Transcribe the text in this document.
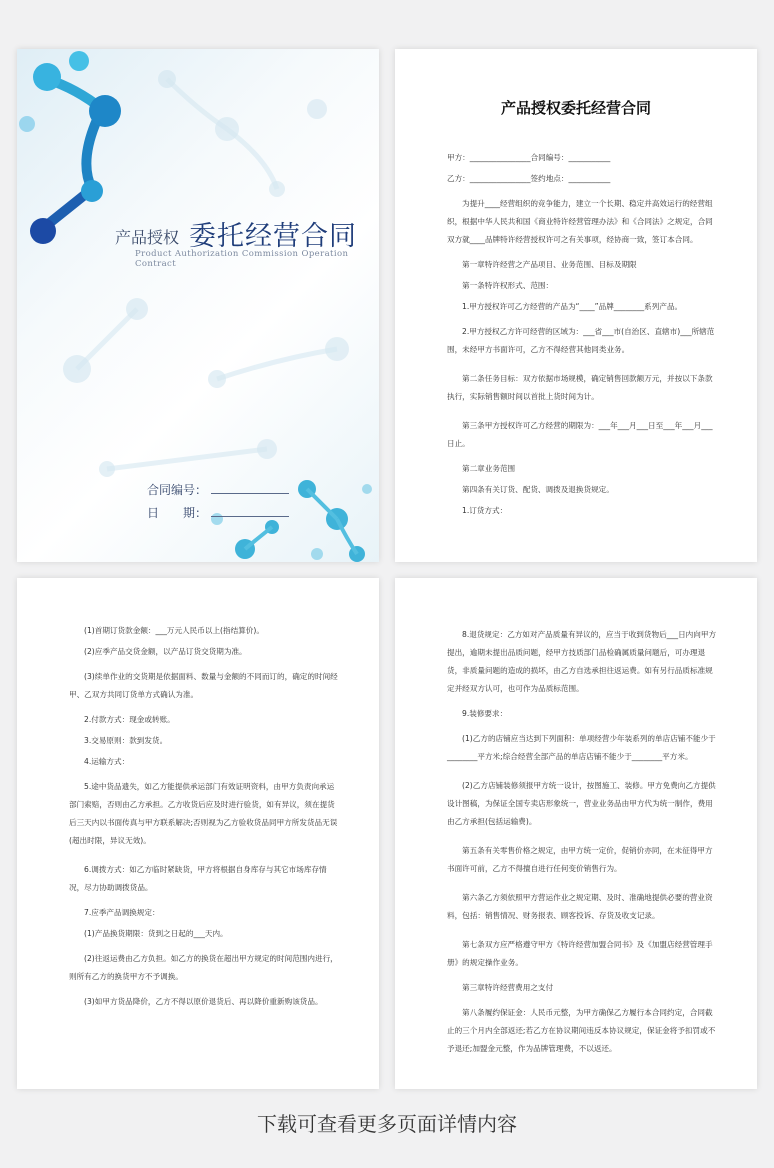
产品授权 委托经营合同
Product Authorization Commission Operation Contract
合同编号：
日　　期：
产品授权委托经营合同

甲方：________________合同编号：___________

乙方：________________签约地点：___________

为提升____经营组织的竞争能力，建立一个长期、稳定并高效运行的经营组织，根据中华人民共和国《商业特许经营管理办法》和《合同法》之规定，合同双方就____品牌特许经营授权许可之有关事项，经协商一致，签订本合同。

第一章特许经营之产品项目、业务范围、目标及期限

第一条特许权形式、范围：

1.甲方授权许可乙方经营的产品为“____”品牌________系列产品。

2.甲方授权乙方许可经营的区域为：___省___市(自治区、直辖市)___所辖范围，未经甲方书面许可，乙方不得经营其他同类业务。

第二条任务目标：双方依据市场规模，确定销售回款额万元，并按以下条款执行，实际销售额时间以首批上货时间为计。

第三条甲方授权许可乙方经营的期限为：___年___月___日至___年___月___日止。

第二章业务范围

第四条有关订货、配货、调拨及退换货规定。

1.订货方式：

(1)首期订货款金额：___万元人民币以上(指结算价)。

(2)应季产品交货金额，以产品订货交货期为准。

(3)续单作业的交货期是依据面料、数量与金额的不同而订的，确定的时间经甲、乙双方共同订货单方式确认为准。

2.付款方式：现金或转账。

3.交易原则：款到发货。

4.运输方式：

5.途中货品遗失，如乙方能提供承运部门有效证明资料，由甲方负责向承运部门索赔，否则由乙方承担。乙方收货后应及时进行验货，如有异议，须在提货后三天内以书面传真与甲方联系解决;否则视为乙方验收货品同甲方所发货品无误(超出时限，异议无效)。

6.调拨方式：如乙方临时紧缺货，甲方将根据自身库存与其它市场库存情况，尽力协助调拨货品。

7.应季产品调换规定：

(1)产品换货期限：货到之日起的___天内。

(2)往返运费由乙方负担。如乙方的换货在超出甲方规定的时间范围内进行，则所有乙方的换货甲方不予调换。

(3)如甲方货品降价，乙方不得以原价退货后、再以降价重新购该货品。

8.退货规定：乙方如对产品质量有异议的，应当于收到货物后___日内向甲方提出，逾期未提出品质问题，经甲方技质部门品检确属质量问题后，可办理退货，非质量问题的造成的损坏，由乙方自选承担往返运费。如有另行品质标准规定并经双方认可，也可作为品质标范围。

9.装修要求：

(1)乙方的店铺应当达到下列面积：单项经营少年装系列的单店店铺不能少于________平方米;综合经营全部产品的单店店铺不能少于________平方米。

(2)乙方店铺装修须报甲方统一设计，按图施工、装修。甲方免费向乙方提供设计图稿，为保证全国专卖店形象统一，营业业务品由甲方代为统一制作，费用由乙方承担(包括运输费)。

第五条有关零售价格之规定，由甲方统一定价，促销价亦同，在未征得甲方书面许可前，乙方不得擅自进行任何变价销售行为。

第六条乙方须依照甲方营运作业之规定期、及时、准确地提供必要的营业资料，包括：销售情况、财务报表、顾客投诉、存货及收支记录。

第七条双方应严格遵守甲方《特许经营加盟合同书》及《加盟店经营管理手册》的规定操作业务。

第三章特许经营费用之支付

第八条履约保证金：人民币元整，为甲方确保乙方履行本合同约定，合同截止的三个月内全部返还;若乙方在协议期间违反本协议规定，保证金将予扣罚或不予退还;加盟金元整，作为品牌管理费，不以返还。

下载可查看更多页面详情内容
